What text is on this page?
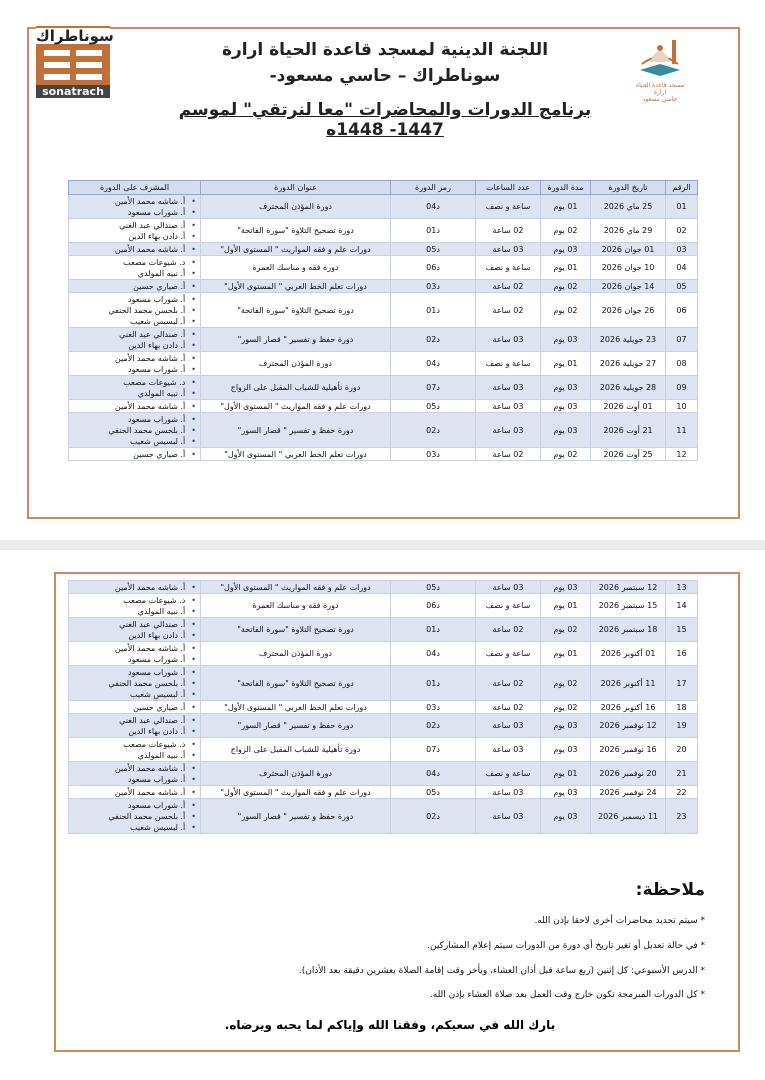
مسجد قاعدة الحياة
ارارة
حاسي مسعود
سوناطراك
sonatrach
اللجنة الدينية لمسجد قاعدة الحياة ارارة
سوناطراك – حاسي مسعود-
برنامج الدورات والمحاضرات "معا لنرتقي" لموسم 1447- 1448ه
الرقم	تاريخ الدورة	مدة الدورة	عدد الساعات	رمز الدورة	عنوان الدورة	المشرف على الدورة
01	25 ماي 2026	01 يوم	ساعة و نصف	د04	دورة المؤذن المحترف	• أ. شاشه محمد الأمين
• أ. شوراب مسعود

02	29 ماي 2026	02 يوم	02 ساعة	د01	دورة تصحيح التلاوة "سورة الفاتحة"	• أ. صندالي عبد الغني
• أ. دادن بهاء الدين

03	01 جوان 2026	03 يوم	03 ساعة	د05	دورات علم و فقه المواريث " المستوى الأول"	• أ. شاشه محمد الأمين

04	10 جوان 2026	01 يوم	ساعة و نصف	د06	دورة فقه و مناسك العمرة	• د. شيوعات مصعب
• أ. نبيه المولدي

05	14 جوان 2026	02 يوم	02 ساعة	د03	دورات تعلم الخط العربي " المستوى الأول"	• أ. صياري حسين

06	26 جوان 2026	02 يوم	02 ساعة	د01	دورة تصحيح التلاوة "سورة الفاتحة"	• أ. شوراب مسعود
• أ. بلحسن محمد الحنفي
• أ. لبسيس شعيب

07	23 جويلية 2026	03 يوم	03 ساعة	د02	دورة حفظ و تفسير " قصار السور"	• أ. صندالي عبد الغني
• أ. دادن بهاء الدين

08	27 جويلية 2026	01 يوم	ساعة و نصف	د04	دورة المؤذن المحترف	• أ. شاشه محمد الأمين
• أ. شوراب مسعود

09	28 جويلية 2026	03 يوم	03 ساعة	د07	دورة تأهيلية للشباب المقبل على الزواج	• د. شيوعات مصعب
• أ. نبيه المولدي

10	01 أوت 2026	03 يوم	03 ساعة	د05	دورات علم و فقه المواريث " المستوى الأول"	• أ. شاشه محمد الأمين

11	21 أوت 2026	03 يوم	03 ساعة	د02	دورة حفظ و تفسير " قصار السور"	• أ. شوراب مسعود
• أ. بلحسن محمد الحنفي
• أ. لبسيس شعيب

12	25 أوت 2026	02 يوم	02 ساعة	د03	دورات تعلم الخط العربي " المستوى الأول"	• أ. صياري حسين
13	12 سبتمبر 2026	03 يوم	03 ساعة	د05	دورات علم و فقه المواريث " المستوى الأول"	• أ. شاشه محمد الأمين

14	15 سبتمبر 2026	01 يوم	ساعة و نصف	د06	دورة فقه و مناسك العمرة	• د. شيوعات مصعب
• أ. نبيه المولدي

15	18 سبتمبر 2026	02 يوم	02 ساعة	د01	دورة تصحيح التلاوة "سورة الفاتحة"	• أ. صندالي عبد الغني
• أ. دادن بهاء الدين

16	01 أكتوبر 2026	01 يوم	ساعة و نصف	د04	دورة المؤذن المحترف	• أ. شاشه محمد الأمين
• أ. شوراب مسعود

17	11 أكتوبر 2026	02 يوم	02 ساعة	د01	دورة تصحيح التلاوة "سورة الفاتحة"	• أ. شوراب مسعود
• أ. بلحسن محمد الحنفي
• أ. لبسيس شعيب

18	16 أكتوبر 2026	02 يوم	02 ساعة	د03	دورات تعلم الخط العربي " المستوى الأول"	• أ. صياري حسين

19	12 نوفمبر 2026	03 يوم	03 ساعة	د02	دورة حفظ و تفسير " قصار السور"	• أ. صندالي عبد الغني
• أ. دادن بهاء الدين

20	16 نوفمبر 2026	03 يوم	03 ساعة	د07	دورة تأهيلية للشباب المقبل على الزواج	• د. شيوعات مصعب
• أ. نبيه المولدي

21	20 نوفمبر 2026	01 يوم	ساعة و نصف	د04	دورة المؤذن المحترف	• أ. شاشه محمد الأمين
• أ. شوراب مسعود

22	24 نوفمبر 2026	03 يوم	03 ساعة	د05	دورات علم و فقه المواريث " المستوى الأول"	• أ. شاشه محمد الأمين

23	11 ديسمبر 2026	03 يوم	03 ساعة	د02	دورة حفظ و تفسير " قصار السور"	• أ. شوراب مسعود
• أ. بلحسن محمد الحنفي
• أ. لبسيس شعيب
ملاحظة:
* سيتم تحديد محاضرات أخرى لاحقا بإذن الله.
* في حالة تعديل أو تغير تاريخ أي دورة من الدورات سيتم إعلام المشاركين.
* الدرس الأسبوعي: كل إثنين (ربع ساعة قبل أذان العشاء، ويأخر وقت إقامة الصلاة بعشرين دقيقة بعد الأذان).
* كل الدورات المبرمجة تكون خارج وقت العمل بعد صلاة العشاء بإذن الله.
بارك الله في سعيكم، وفقنا الله وإياكم لما يحبه ويرضاه.
